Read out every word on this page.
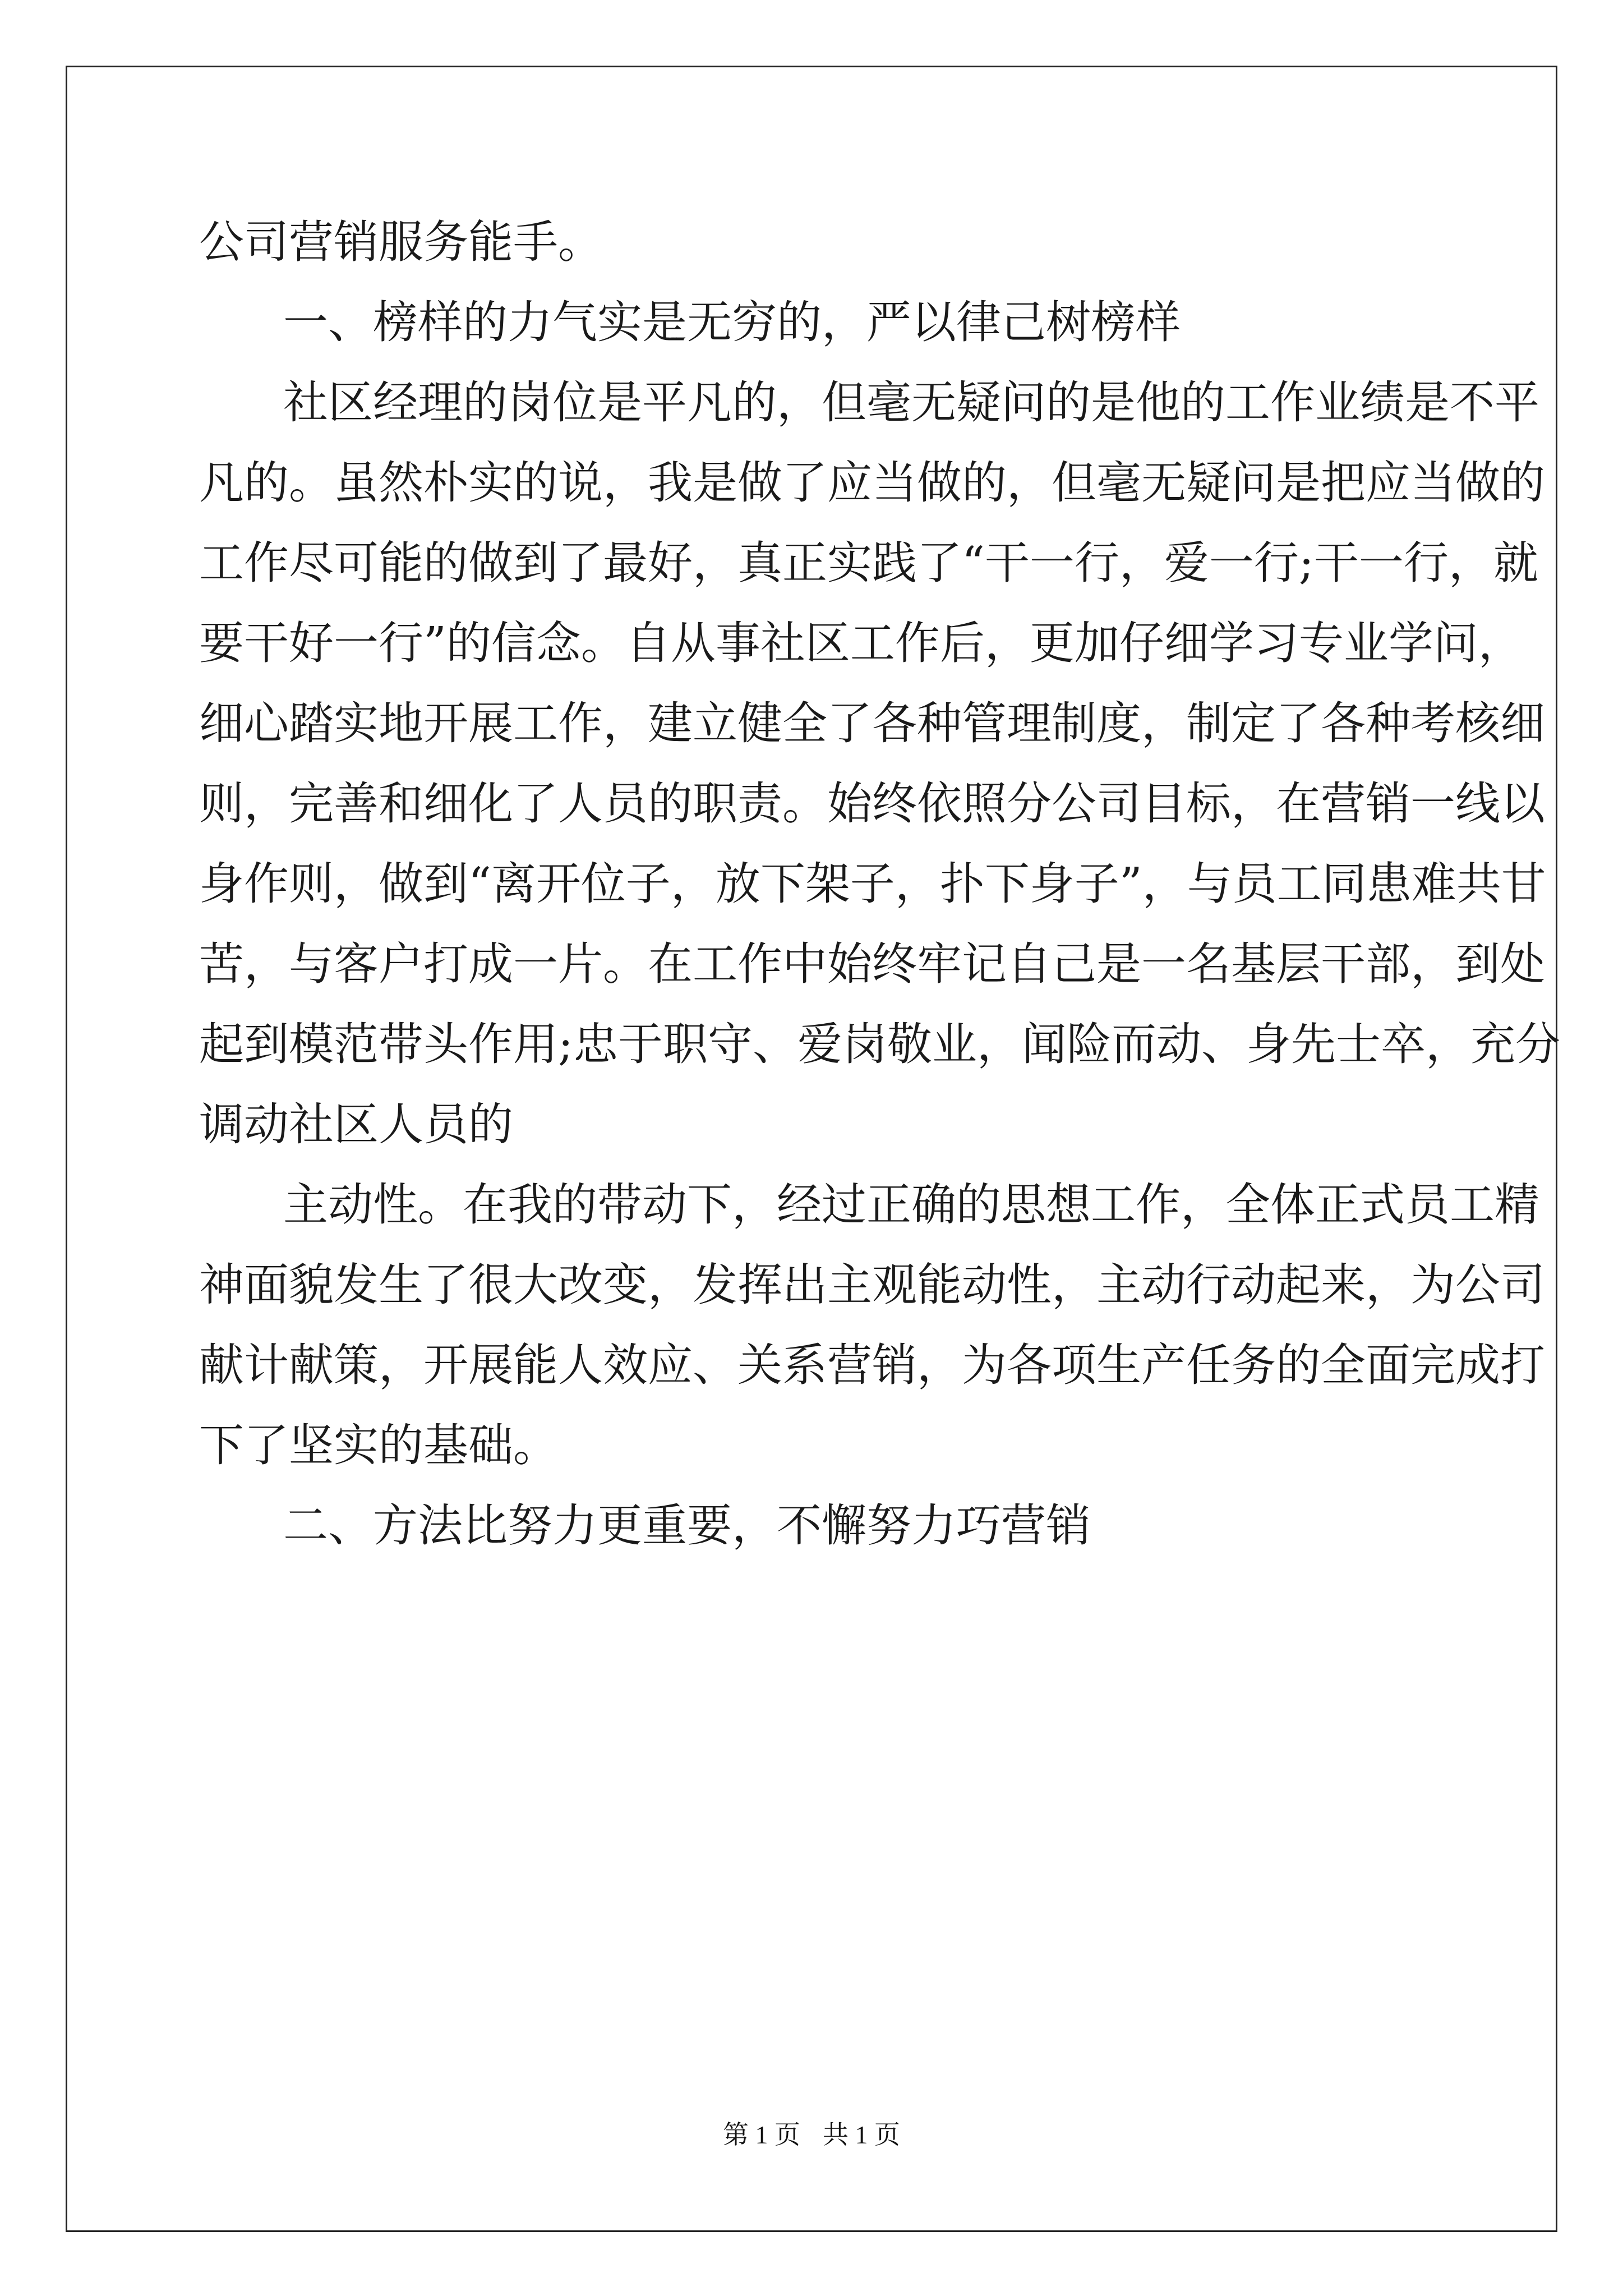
公司营销服务能手。
一、榜样的力气实是无穷的，严以律己树榜样
社区经理的岗位是平凡的，但毫无疑问的是他的工作业绩是不平
凡的。虽然朴实的说，我是做了应当做的，但毫无疑问是把应当做的
工作尽可能的做到了最好，真正实践了“干一行，爱一行;干一行，就
要干好一行”的信念。自从事社区工作后，更加仔细学习专业学问，
细心踏实地开展工作，建立健全了各种管理制度，制定了各种考核细
则，完善和细化了人员的职责。始终依照分公司目标，在营销一线以
身作则，做到“离开位子，放下架子，扑下身子”，与员工同患难共甘
苦，与客户打成一片。在工作中始终牢记自己是一名基层干部，到处
起到模范带头作用;忠于职守、爱岗敬业，闻险而动、身先士卒，充分
调动社区人员的
主动性。在我的带动下，经过正确的思想工作，全体正式员工精
神面貌发生了很大改变，发挥出主观能动性，主动行动起来，为公司
献计献策，开展能人效应、关系营销，为各项生产任务的全面完成打
下了坚实的基础。
二、方法比努力更重要，不懈努力巧营销
第 1 页 共 1 页
